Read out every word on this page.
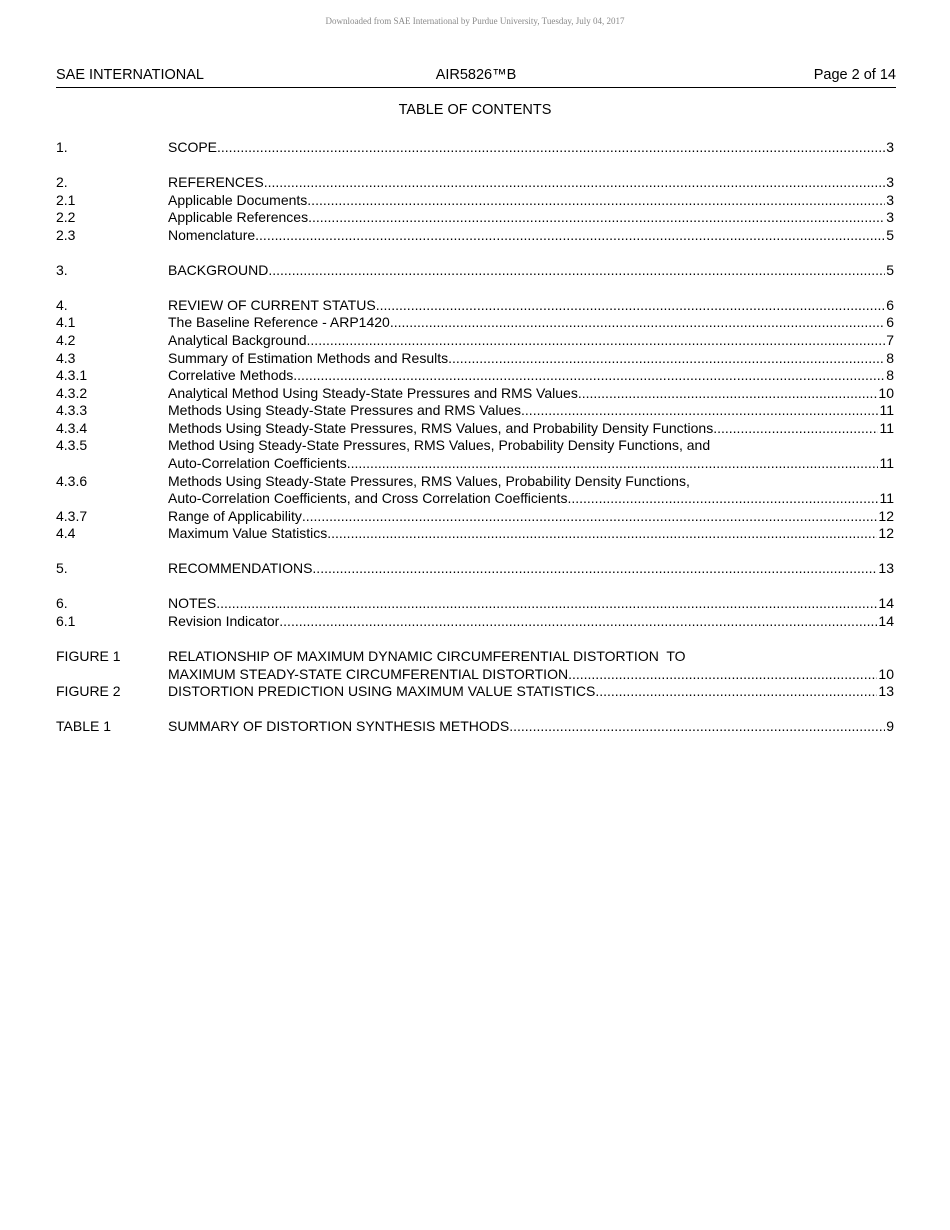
Downloaded from SAE International by Purdue University, Tuesday, July 04, 2017
SAE INTERNATIONAL	AIR5826™B	Page 2 of 14
TABLE OF CONTENTS
1.	SCOPE .....	3
2.	REFERENCES .....	3
2.1	Applicable Documents .....	3
2.2	Applicable References .....	3
2.3	Nomenclature .....	5
3.	BACKGROUND .....	5
4.	REVIEW OF CURRENT STATUS .....	6
4.1	The Baseline Reference - ARP1420 .....	6
4.2	Analytical Background .....	7
4.3	Summary of Estimation Methods and Results .....	8
4.3.1	Correlative Methods .....	8
4.3.2	Analytical Method Using Steady-State Pressures and RMS Values .....	10
4.3.3	Methods Using Steady-State Pressures and RMS Values .....	11
4.3.4	Methods Using Steady-State Pressures, RMS Values, and Probability Density Functions .....	11
4.3.5	Method Using Steady-State Pressures, RMS Values, Probability Density Functions, and
Auto-Correlation Coefficients .....	11
4.3.6	Methods Using Steady-State Pressures, RMS Values, Probability Density Functions,
Auto-Correlation Coefficients, and Cross Correlation Coefficients .....	11
4.3.7	Range of Applicability .....	12
4.4	Maximum Value Statistics .....	12
5.	RECOMMENDATIONS .....	13
6.	NOTES .....	14
6.1	Revision Indicator .....	14
FIGURE 1	RELATIONSHIP OF MAXIMUM DYNAMIC CIRCUMFERENTIAL DISTORTION  TO
MAXIMUM STEADY-STATE CIRCUMFERENTIAL DISTORTION .....	10
FIGURE 2	DISTORTION PREDICTION USING MAXIMUM VALUE STATISTICS .....	13
TABLE 1	SUMMARY OF DISTORTION SYNTHESIS METHODS .....	9
